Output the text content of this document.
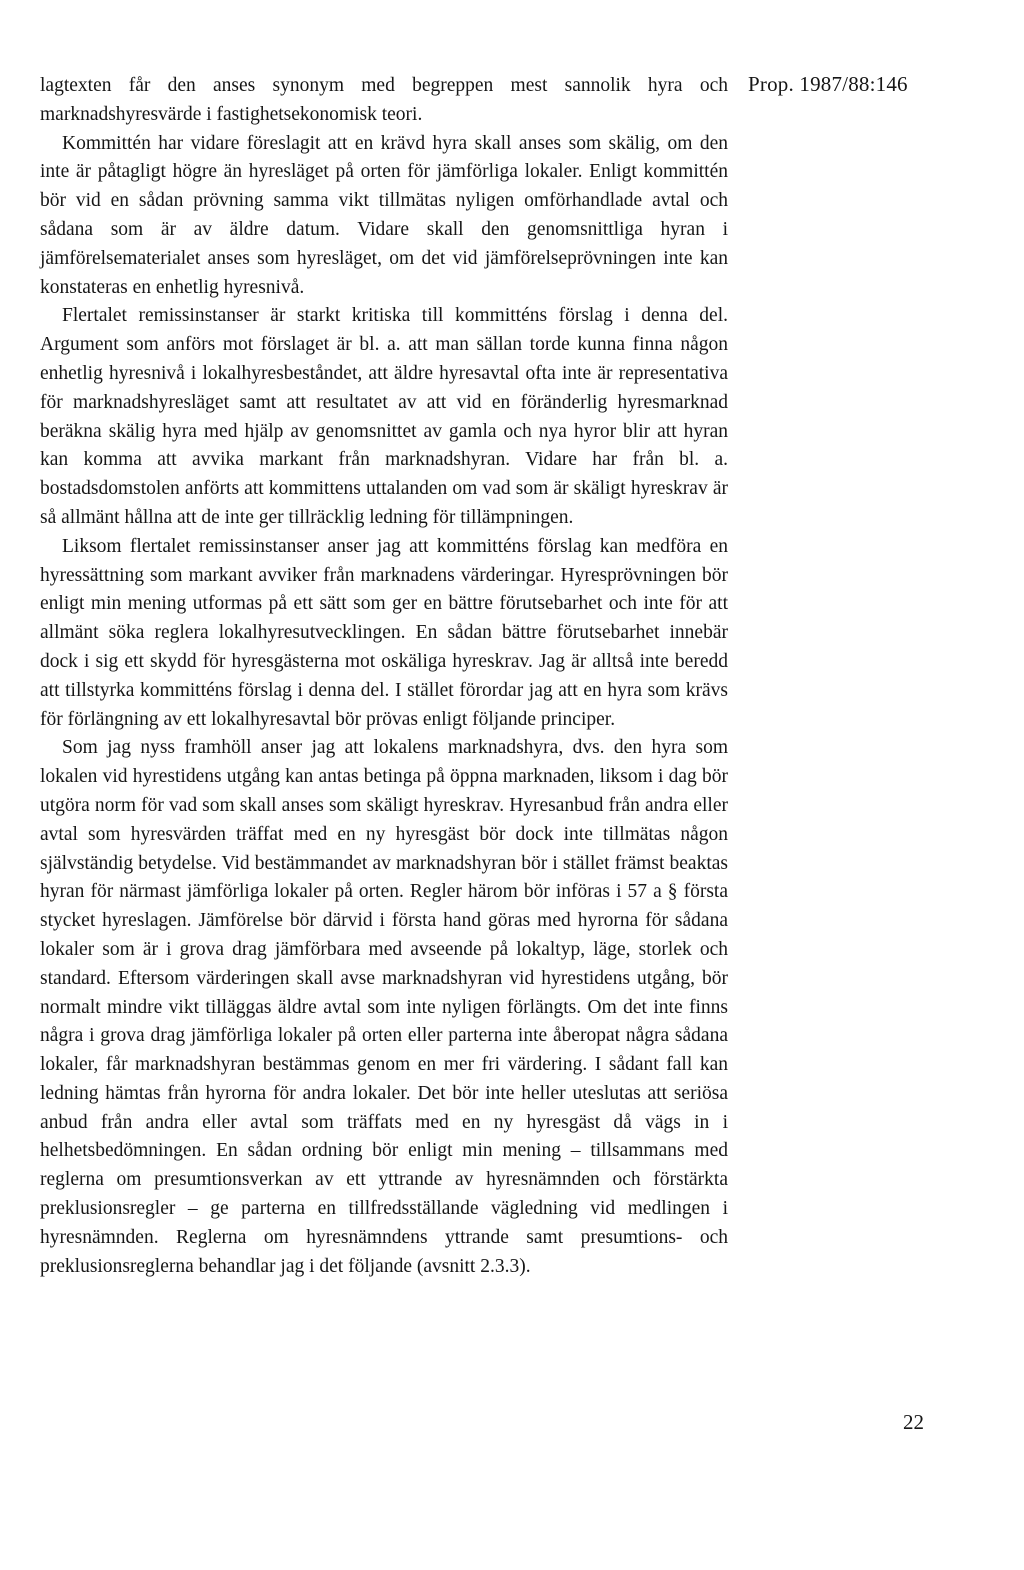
Prop. 1987/88:146

lagtexten får den anses synonym med begreppen mest sannolik hyra och marknadshyresvärde i fastighetsekonomisk teori.

Kommittén har vidare föreslagit att en krävd hyra skall anses som skälig, om den inte är påtagligt högre än hyresläget på orten för jämförliga lokaler. Enligt kommittén bör vid en sådan prövning samma vikt tillmätas nyligen omförhandlade avtal och sådana som är av äldre datum. Vidare skall den genomsnittliga hyran i jämförelsematerialet anses som hyresläget, om det vid jämförelseprövningen inte kan konstateras en enhetlig hyresnivå.

Flertalet remissinstanser är starkt kritiska till kommitténs förslag i denna del. Argument som anförs mot förslaget är bl. a. att man sällan torde kunna finna någon enhetlig hyresnivå i lokalhyresbeståndet, att äldre hyresavtal ofta inte är representativa för marknadshyresläget samt att resultatet av att vid en föränderlig hyresmarknad beräkna skälig hyra med hjälp av genomsnittet av gamla och nya hyror blir att hyran kan komma att avvika markant från marknadshyran. Vidare har från bl. a. bostadsdomstolen anförts att kommittens uttalanden om vad som är skäligt hyreskrav är så allmänt hållna att de inte ger tillräcklig ledning för tillämpningen.

Liksom flertalet remissinstanser anser jag att kommitténs förslag kan medföra en hyressättning som markant avviker från marknadens värderingar. Hyresprövningen bör enligt min mening utformas på ett sätt som ger en bättre förutsebarhet och inte för att allmänt söka reglera lokalhyresutvecklingen. En sådan bättre förutsebarhet innebär dock i sig ett skydd för hyresgästerna mot oskäliga hyreskrav. Jag är alltså inte beredd att tillstyrka kommitténs förslag i denna del. I stället förordar jag att en hyra som krävs för förlängning av ett lokalhyresavtal bör prövas enligt följande principer.

Som jag nyss framhöll anser jag att lokalens marknadshyra, dvs. den hyra som lokalen vid hyrestidens utgång kan antas betinga på öppna marknaden, liksom i dag bör utgöra norm för vad som skall anses som skäligt hyreskrav. Hyresanbud från andra eller avtal som hyresvärden träffat med en ny hyresgäst bör dock inte tillmätas någon självständig betydelse. Vid bestämmandet av marknadshyran bör i stället främst beaktas hyran för närmast jämförliga lokaler på orten. Regler härom bör införas i 57 a § första stycket hyreslagen. Jämförelse bör därvid i första hand göras med hyrorna för sådana lokaler som är i grova drag jämförbara med avseende på lokaltyp, läge, storlek och standard. Eftersom värderingen skall avse marknadshyran vid hyrestidens utgång, bör normalt mindre vikt tilläggas äldre avtal som inte nyligen förlängts. Om det inte finns några i grova drag jämförliga lokaler på orten eller parterna inte åberopat några sådana lokaler, får marknadshyran bestämmas genom en mer fri värdering. I sådant fall kan ledning hämtas från hyrorna för andra lokaler. Det bör inte heller uteslutas att seriösa anbud från andra eller avtal som träffats med en ny hyresgäst då vägs in i helhetsbedömningen. En sådan ordning bör enligt min mening – tillsammans med reglerna om presumtionsverkan av ett yttrande av hyresnämnden och förstärkta preklusionsregler – ge parterna en tillfredsställande vägledning vid medlingen i hyresnämnden. Reglerna om hyresnämndens yttrande samt presumtions- och preklusionsreglerna behandlar jag i det följande (avsnitt 2.3.3).

22
